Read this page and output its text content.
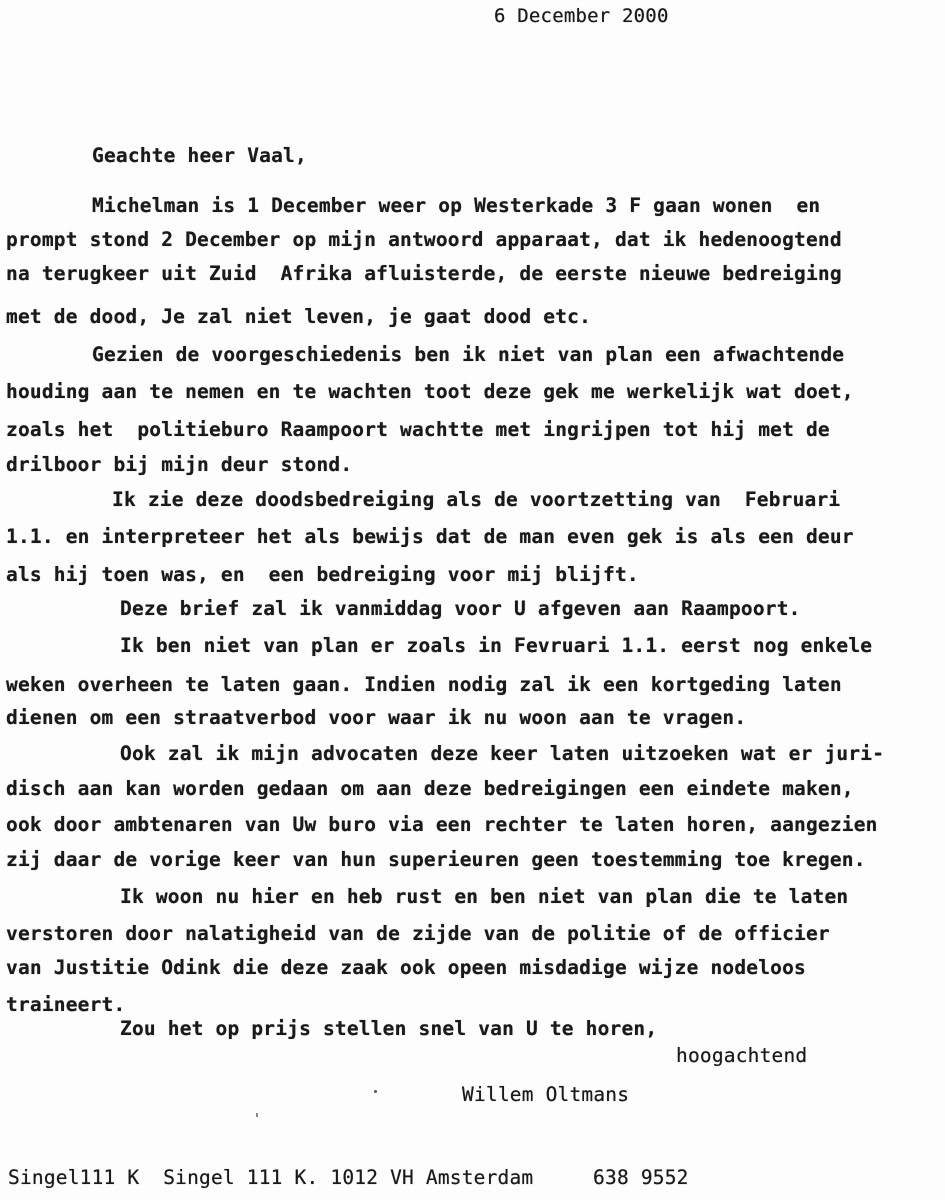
6 December 2000
Geachte heer Vaal,
Michelman is 1 December weer op Westerkade 3 F gaan wonen  en
prompt stond 2 December op mijn antwoord apparaat, dat ik hedenoogtend
na terugkeer uit Zuid  Afrika afluisterde, de eerste nieuwe bedreiging
met de dood, Je zal niet leven, je gaat dood etc.
Gezien de voorgeschiedenis ben ik niet van plan een afwachtende
houding aan te nemen en te wachten toot deze gek me werkelijk wat doet,
zoals het  politieburo Raampoort wachtte met ingrijpen tot hij met de
drilboor bij mijn deur stond.
Ik zie deze doodsbedreiging als de voortzetting van  Februari
1.1. en interpreteer het als bewijs dat de man even gek is als een deur
als hij toen was, en  een bedreiging voor mij blijft.
Deze brief zal ik vanmiddag voor U afgeven aan Raampoort.
Ik ben niet van plan er zoals in Fevruari 1.1. eerst nog enkele
weken overheen te laten gaan. Indien nodig zal ik een kortgeding laten
dienen om een straatverbod voor waar ik nu woon aan te vragen.
Ook zal ik mijn advocaten deze keer laten uitzoeken wat er juri-
disch aan kan worden gedaan om aan deze bedreigingen een eindete maken,
ook door ambtenaren van Uw buro via een rechter te laten horen, aangezien
zij daar de vorige keer van hun superieuren geen toestemming toe kregen.
Ik woon nu hier en heb rust en ben niet van plan die te laten
verstoren door nalatigheid van de zijde van de politie of de officier
van Justitie Odink die deze zaak ook opeen misdadige wijze nodeloos
traineert.
Zou het op prijs stellen snel van U te horen,
hoogachtend
Willem Oltmans
Singel111 K  Singel 111 K. 1012 VH Amsterdam     638 9552
